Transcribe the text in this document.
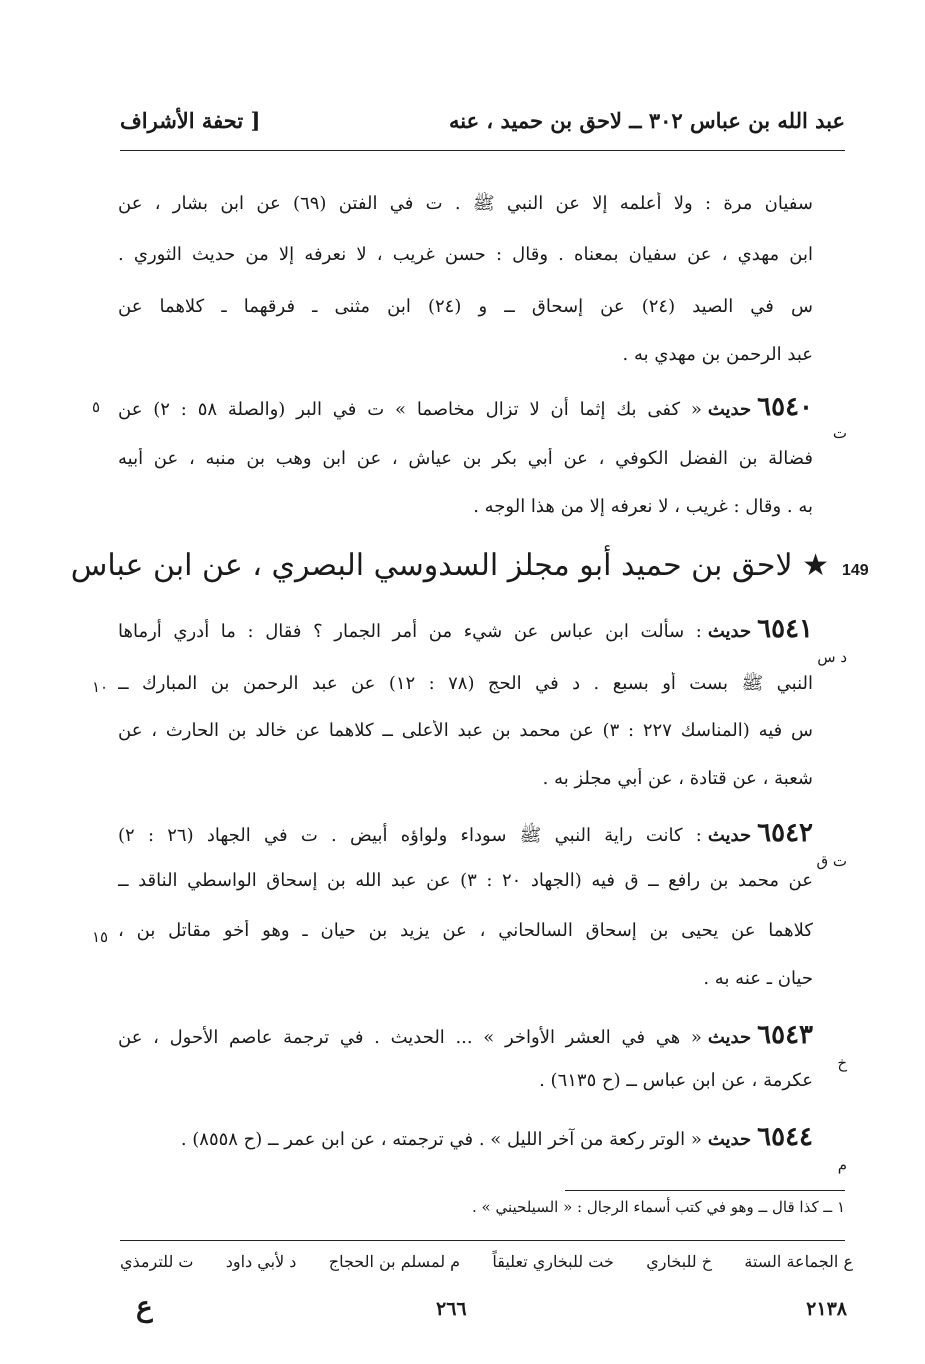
عبد الله بن عباس ٣٠٢ ــ لاحق بن حميد ، عنه
[ تحفة الأشراف
سفيان مرة : ولا أعلمه إلا عن النبي ﷺ . ت في الفتن (٦٩) عن ابن بشار ، عن
ابن مهدي ، عن سفيان بمعناه . وقال : حسن غريب ، لا نعرفه إلا من حديث الثوري .
س في الصيد (٢٤) عن إسحاق ــ و (٢٤) ابن مثنى ـ فرقهما ـ كلاهما عن
عبد الرحمن بن مهدي به .
٦٥٤٠حديث« كفى بك إثما أن لا تزال مخاصما » ت في البر (والصلة ٥٨ : ٢) عن
ت
٥
فضالة بن الفضل الكوفي ، عن أبي بكر بن عياش ، عن ابن وهب بن منبه ، عن أبيه
به . وقال : غريب ، لا نعرفه إلا من هذا الوجه .
149
★ لاحق بن حميد أبو مجلز السدوسي البصري ، عن ابن عباس
٦٥٤١حديث: سألت ابن عباس عن شيء من أمر الجمار ؟ فقال : ما أدري أرماها
د س
النبي ﷺ بست أو بسبع . د في الحج (٧٨ : ١٢) عن عبد الرحمن بن المبارك ــ
١٠
س فيه (المناسك ٢٢٧ : ٣) عن محمد بن عبد الأعلى ــ كلاهما عن خالد بن الحارث ، عن
شعبة ، عن قتادة ، عن أبي مجلز به .
٦٥٤٢حديث: كانت راية النبي ﷺ سوداء ولواؤه أبيض . ت في الجهاد (٢٦ : ٢)
ت ق
عن محمد بن رافع ــ ق فيه (الجهاد ٢٠ : ٣) عن عبد الله بن إسحاق الواسطي الناقد ــ
كلاهما عن يحيى بن إسحاق السالحاني ، عن يزيد بن حيان ـ وهو أخو مقاتل بن ،
١٥
حيان ـ عنه به .
٦٥٤٣حديث« هي في العشر الأواخر » ... الحديث . في ترجمة عاصم الأحول ، عن
خ
عكرمة ، عن ابن عباس ــ (ح ٦١٣٥) .
٦٥٤٤حديث« الوتر ركعة من آخر الليل » . في ترجمته ، عن ابن عمر ــ (ح ٨٥٥٨) .
م
١ ــ كذا قال ــ وهو في كتب أسماء الرجال : « السيلحيني » .
ع الجماعة الستة
خ للبخاري
خت للبخاري تعليقاً
م لمسلم بن الحجاج
د لأبي داود
ت للترمذي
٢١٣٨
٢٦٦
ع
